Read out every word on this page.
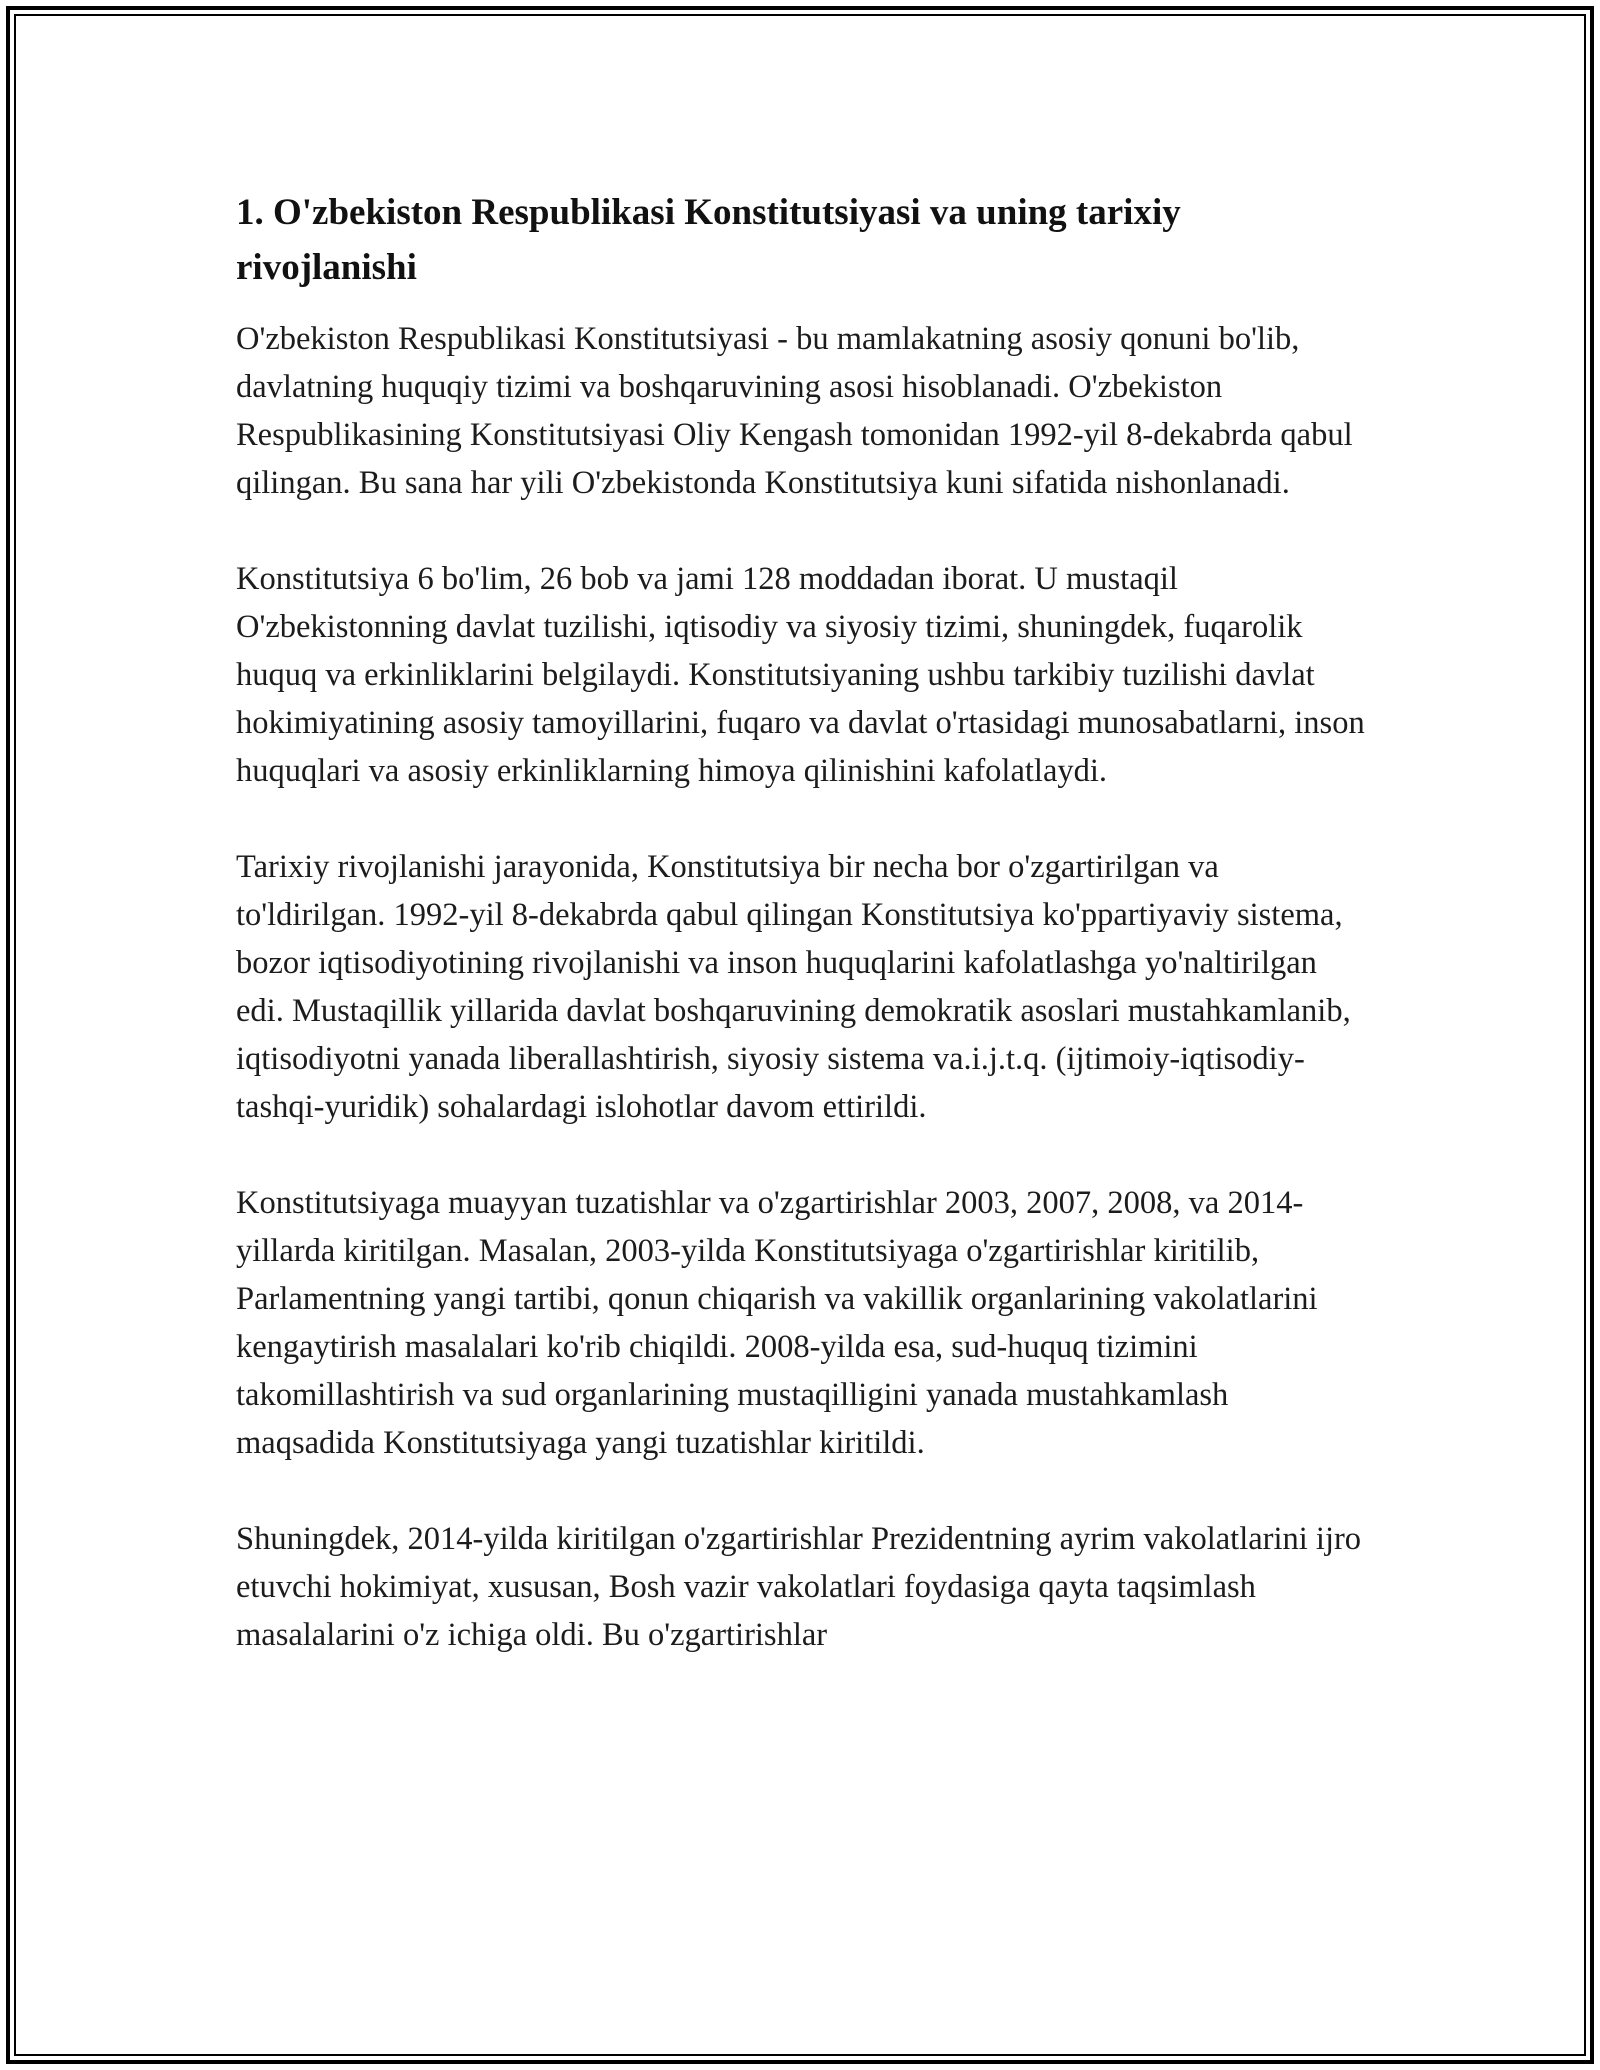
1. O'zbekiston Respublikasi Konstitutsiyasi va uning tarixiy rivojlanishi

O'zbekiston Respublikasi Konstitutsiyasi - bu mamlakatning asosiy qonuni bo'lib, davlatning huquqiy tizimi va boshqaruvining asosi hisoblanadi. O'zbekiston Respublikasining Konstitutsiyasi Oliy Kengash tomonidan 1992-yil 8-dekabrda qabul qilingan. Bu sana har yili O'zbekistonda Konstitutsiya kuni sifatida nishonlanadi.

Konstitutsiya 6 bo'lim, 26 bob va jami 128 moddadan iborat. U mustaqil O'zbekistonning davlat tuzilishi, iqtisodiy va siyosiy tizimi, shuningdek, fuqarolik huquq va erkinliklarini belgilaydi. Konstitutsiyaning ushbu tarkibiy tuzilishi davlat hokimiyatining asosiy tamoyillarini, fuqaro va davlat o'rtasidagi munosabatlarni, inson huquqlari va asosiy erkinliklarning himoya qilinishini kafolatlaydi.

Tarixiy rivojlanishi jarayonida, Konstitutsiya bir necha bor o'zgartirilgan va to'ldirilgan. 1992-yil 8-dekabrda qabul qilingan Konstitutsiya ko'ppartiyaviy sistema, bozor iqtisodiyotining rivojlanishi va inson huquqlarini kafolatlashga yo'naltirilgan edi. Mustaqillik yillarida davlat boshqaruvining demokratik asoslari mustahkamlanib, iqtisodiyotni yanada liberallashtirish, siyosiy sistema va.i.j.t.q. (ijtimoiy-iqtisodiy-tashqi-yuridik) sohalardagi islohotlar davom ettirildi.

Konstitutsiyaga muayyan tuzatishlar va o'zgartirishlar 2003, 2007, 2008, va 2014-yillarda kiritilgan. Masalan, 2003-yilda Konstitutsiyaga o'zgartirishlar kiritilib, Parlamentning yangi tartibi, qonun chiqarish va vakillik organlarining vakolatlarini kengaytirish masalalari ko'rib chiqildi. 2008-yilda esa, sud-huquq tizimini takomillashtirish va sud organlarining mustaqilligini yanada mustahkamlash maqsadida Konstitutsiyaga yangi tuzatishlar kiritildi.

Shuningdek, 2014-yilda kiritilgan o'zgartirishlar Prezidentning ayrim vakolatlarini ijro etuvchi hokimiyat, xususan, Bosh vazir vakolatlari foydasiga qayta taqsimlash masalalarini o'z ichiga oldi. Bu o'zgartirishlar
